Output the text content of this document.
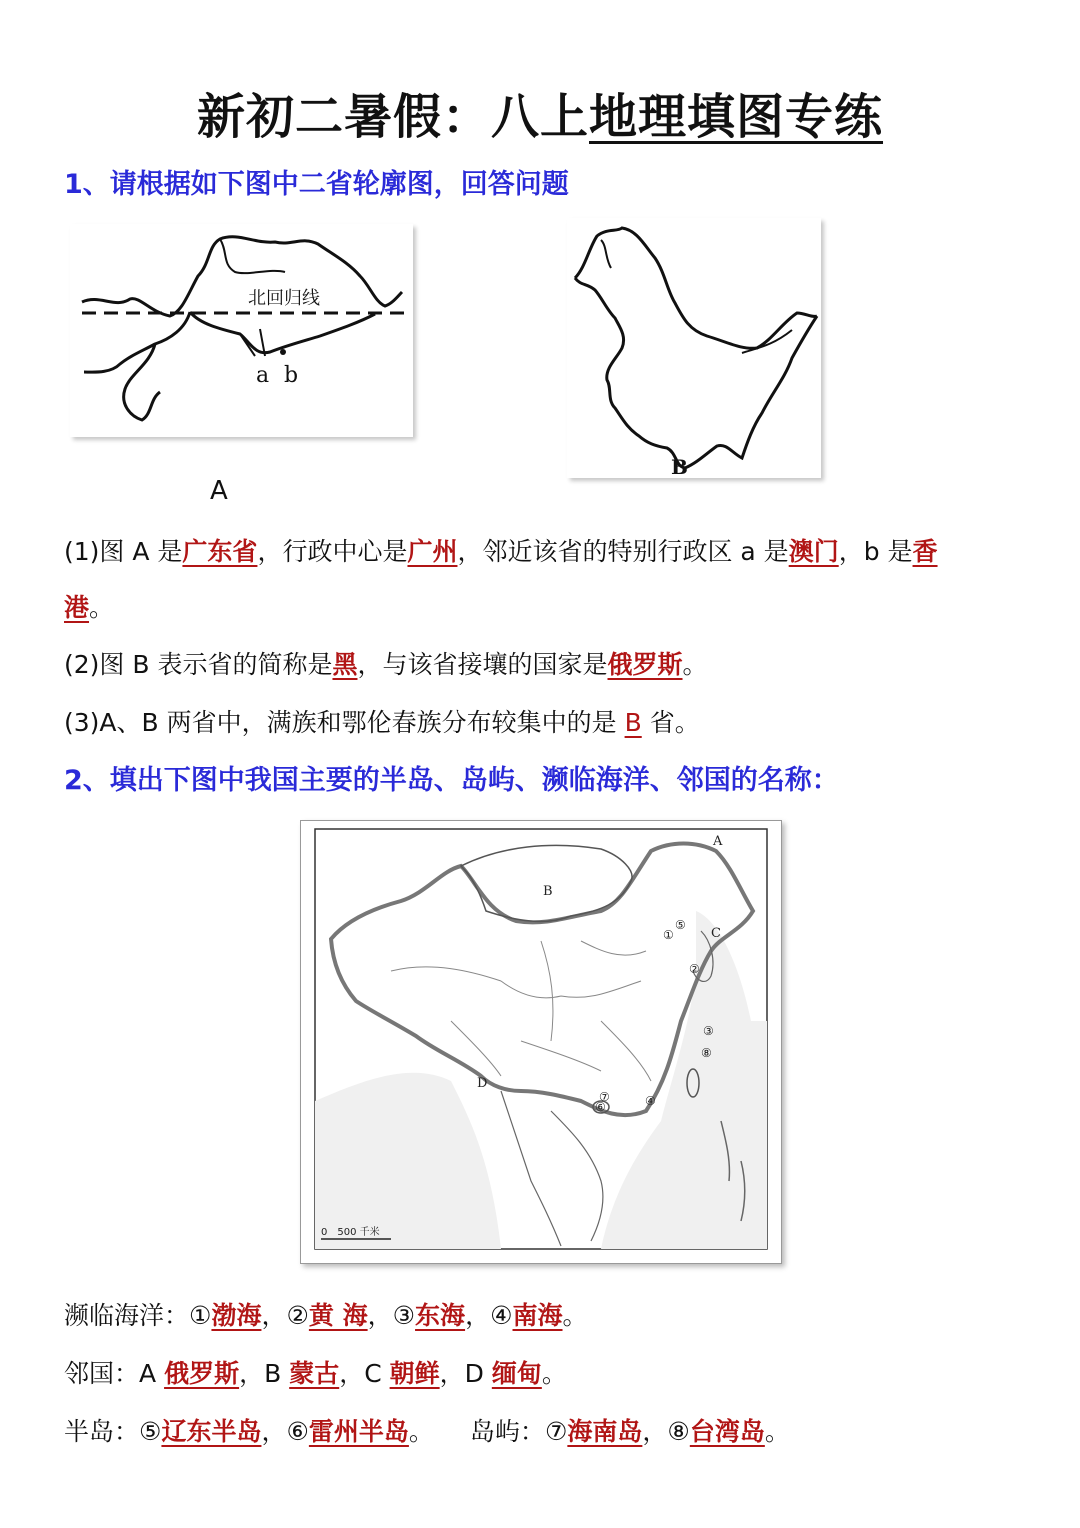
新初二暑假：八上地理填图专练
1、请根据如下图中二省轮廓图，回答问题
北回归线
a b
A
B
(1)图 A 是广东省，行政中心是广州，邻近该省的特别行政区 a 是澳门，b 是香
港。
(2)图 B 表示省的简称是黑，与该省接壤的国家是俄罗斯。
(3)A、B 两省中，满族和鄂伦春族分布较集中的是 B 省。
2、填出下图中我国主要的半岛、岛屿、濒临海洋、邻国的名称：
A
B
C
D
①
②
③
④
⑤
⑥
⑦
⑧
0　500 千米
濒临海洋：①渤海，②黄 海，③东海，④南海。
邻国：A 俄罗斯，B 蒙古，C 朝鲜，D 缅甸。
半岛：⑤辽东半岛，⑥雷州半岛。 岛屿：⑦海南岛，⑧台湾岛。
